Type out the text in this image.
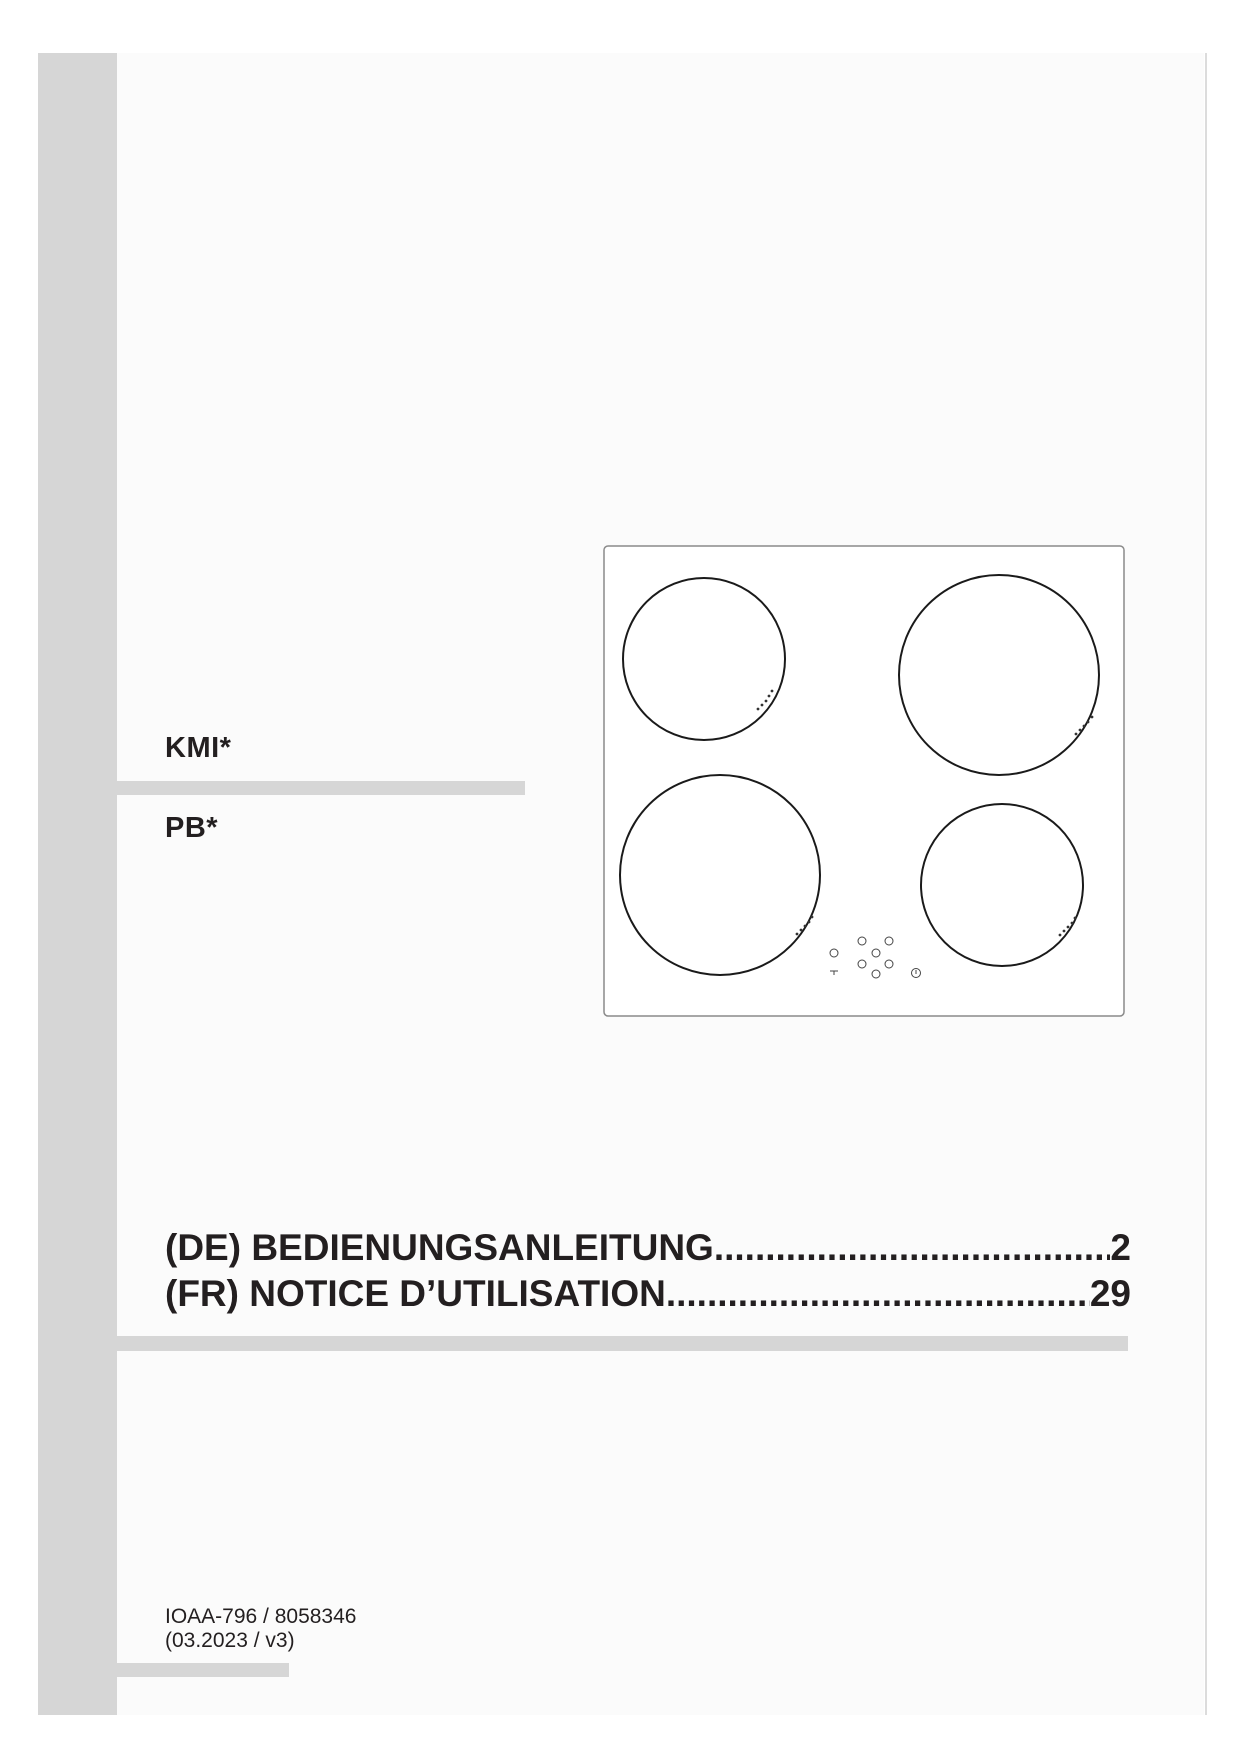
KMI*
PB*
(DE) BEDIENUNGSANLEITUNG .....	2
(FR) NOTICE D’UTILISATION .....	29
IOAA-796 / 8058346
(03.2023 / v3)
